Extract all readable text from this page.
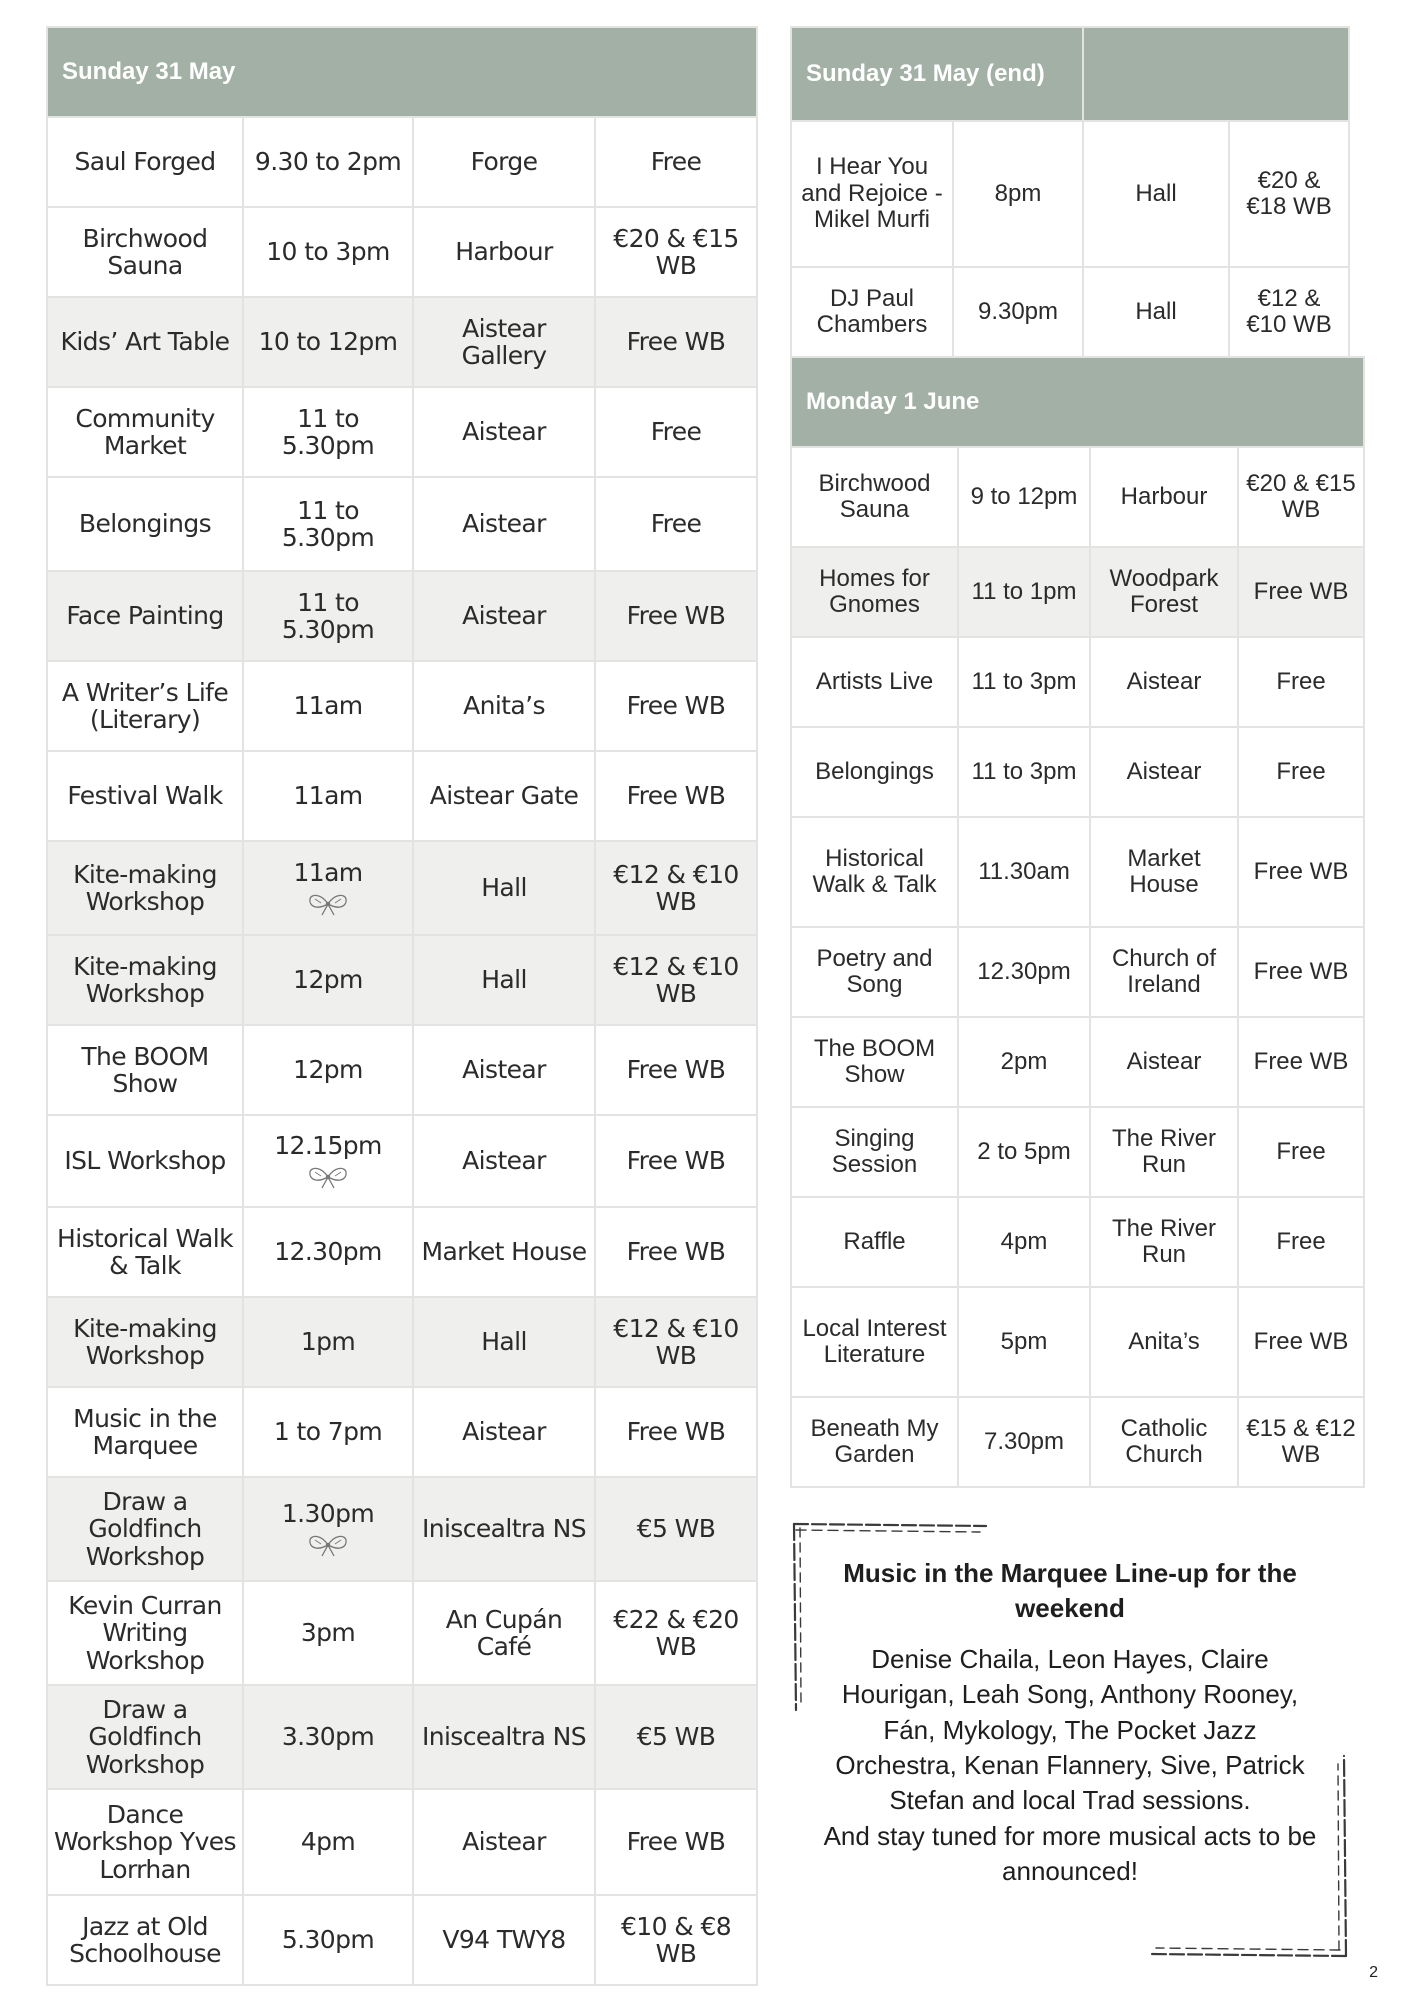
Sunday 31 May			
Saul Forged	9.30 to 2pm	Forge	Free
Birchwood Sauna	10 to 3pm	Harbour	€20 & €15 WB
Kids’ Art Table	10 to 12pm	Aistear Gallery	Free WB
Community Market	11 to 5.30pm	Aistear	Free
Belongings	11 to 5.30pm	Aistear	Free
Face Painting	11 to 5.30pm	Aistear	Free WB
A Writer’s Life (Literary)	11am	Anita’s	Free WB
Festival Walk	11am	Aistear Gate	Free WB
Kite-making Workshop	11am	Hall	€12 & €10 WB
Kite-making Workshop	12pm	Hall	€12 & €10 WB
The BOOM Show	12pm	Aistear	Free WB
ISL Workshop	12.15pm	Aistear	Free WB
Historical Walk & Talk	12.30pm	Market House	Free WB
Kite-making Workshop	1pm	Hall	€12 & €10 WB
Music in the Marquee	1 to 7pm	Aistear	Free WB
Draw a Goldfinch Workshop	1.30pm	Iniscealtra NS	€5 WB
Kevin Curran Writing Workshop	3pm	An Cupán Café	€22 & €20 WB
Draw a Goldfinch Workshop	3.30pm	Iniscealtra NS	€5 WB
Dance Workshop Yves Lorrhan	4pm	Aistear	Free WB
Jazz at Old Schoolhouse	5.30pm	V94 TWY8	€10 & €8 WB
Sunday 31 May (end)			
I Hear You and Rejoice - Mikel Murfi	8pm	Hall	€20 & €18 WB
DJ Paul Chambers	9.30pm	Hall	€12 & €10 WB
Monday 1 June			
Birchwood Sauna	9 to 12pm	Harbour	€20 & €15 WB
Homes for Gnomes	11 to 1pm	Woodpark Forest	Free WB
Artists Live	11 to 3pm	Aistear	Free
Belongings	11 to 3pm	Aistear	Free
Historical Walk & Talk	11.30am	Market House	Free WB
Poetry and Song	12.30pm	Church of Ireland	Free WB
The BOOM Show	2pm	Aistear	Free WB
Singing Session	2 to 5pm	The River Run	Free
Raffle	4pm	The River Run	Free
Local Interest Literature	5pm	Anita’s	Free WB
Beneath My Garden	7.30pm	Catholic Church	€15 & €12 WB
Music in the Marquee Line-up for the weekend
Denise Chaila, Leon Hayes, Claire Hourigan, Leah Song, Anthony Rooney, Fán, Mykology, The Pocket Jazz Orchestra, Kenan Flannery, Sive, Patrick Stefan and local Trad sessions.
And stay tuned for more musical acts to be announced!
2
